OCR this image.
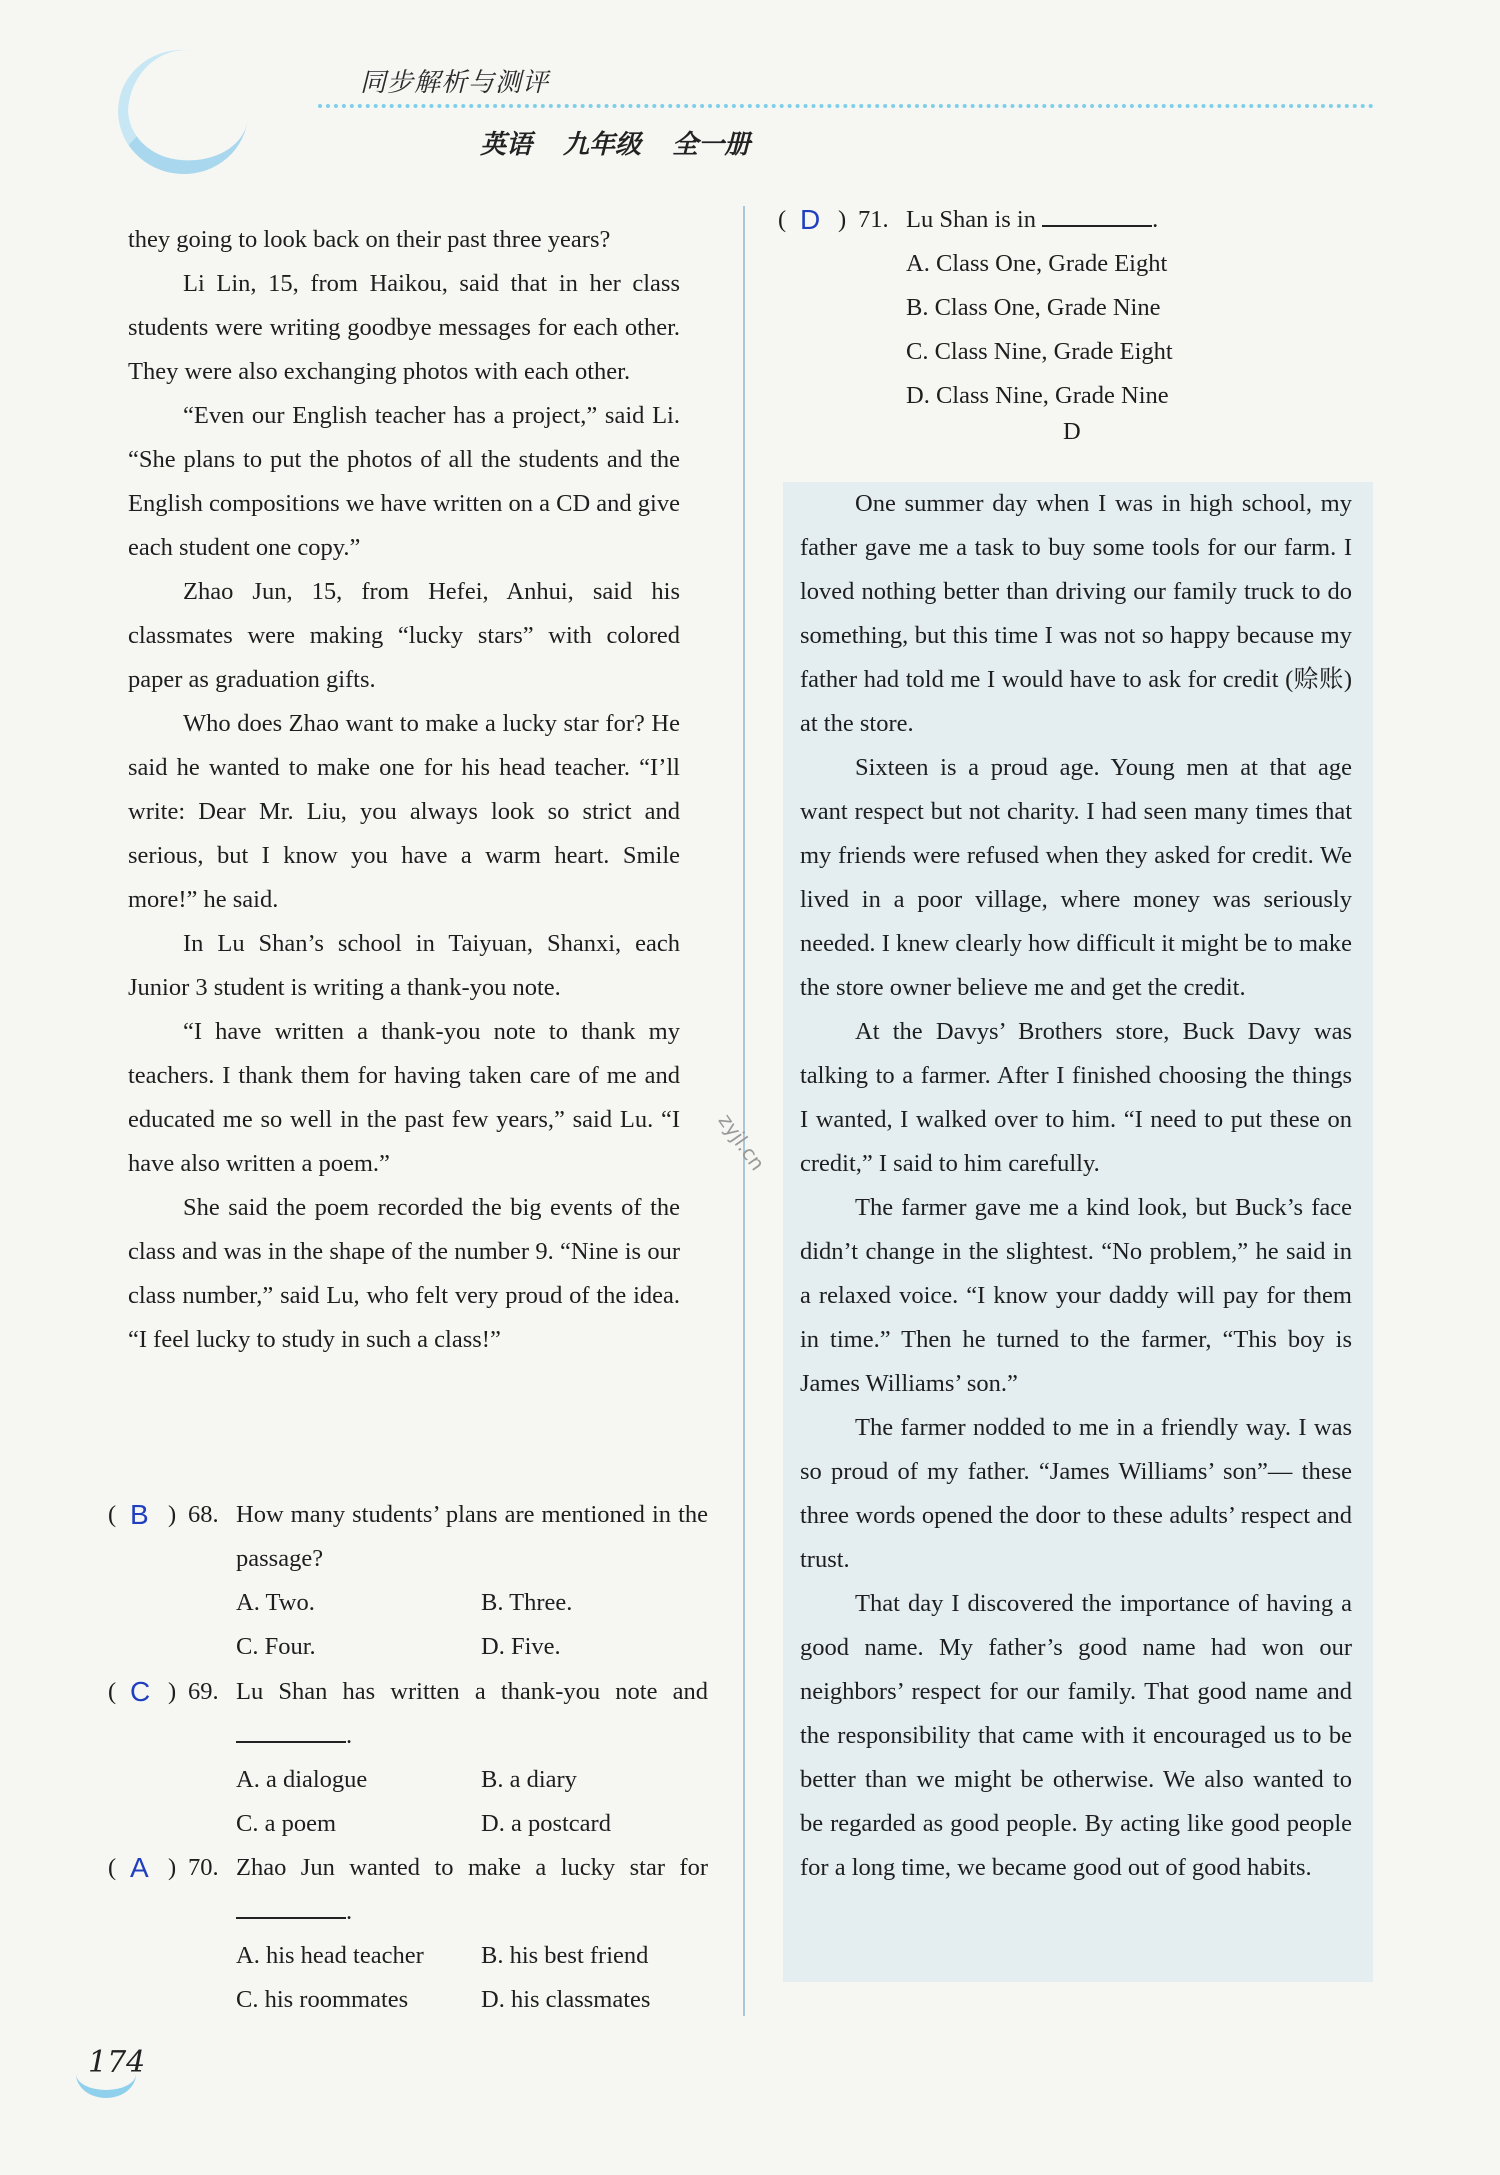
同步解析与测评
英语 九年级 全一册

they going to look back on their past three years?

Li Lin, 15, from Haikou, said that in her class students were writing goodbye messages for each other. They were also exchanging photos with each other.

“Even our English teacher has a project,” said Li. “She plans to put the photos of all the students and the English compositions we have written on a CD and give each student one copy.”

Zhao Jun, 15, from Hefei, Anhui, said his classmates were making “lucky stars” with colored paper as graduation gifts.

Who does Zhao want to make a lucky star for? He said he wanted to make one for his head teacher. “I’ll write: Dear Mr. Liu, you always look so strict and serious, but I know you have a warm heart. Smile more!” he said.

In Lu Shan’s school in Taiyuan, Shanxi, each Junior 3 student is writing a thank-you note.

“I have written a thank-you note to thank my teachers. I thank them for having taken care of me and educated me so well in the past few years,” said Lu. “I have also written a poem.”

She said the poem recorded the big events of the class and was in the shape of the number 9. “Nine is our class number,” said Lu, who felt very proud of the idea. “I feel lucky to study in such a class!”

( B ) 68. How many students’ plans are mentioned in the passage?
A. Two.	B. Three.
C. Four.	D. Five.
( C ) 69. Lu Shan has written a thank-you note and .
A. a dialogue	B. a diary
C. a poem	D. a postcard
( A ) 70. Zhao Jun wanted to make a lucky star for .
A. his head teacher	B. his best friend
C. his roommates	D. his classmates
( D ) 71. Lu Shan is in	.
A. Class One, Grade Eight
B. Class One, Grade Nine
C. Class Nine, Grade Eight
D. Class Nine, Grade Nine
D

One summer day when I was in high school, my father gave me a task to buy some tools for our farm. I loved nothing better than driving our family truck to do something, but this time I was not so happy because my father had told me I would have to ask for credit (赊账) at the store.

Sixteen is a proud age. Young men at that age want respect but not charity. I had seen many times that my friends were refused when they asked for credit. We lived in a poor village, where money was seriously needed. I knew clearly how difficult it might be to make the store owner believe me and get the credit.

At the Davys’ Brothers store, Buck Davy was talking to a farmer. After I finished choosing the things I wanted, I walked over to him. “I need to put these on credit,” I said to him carefully.

The farmer gave me a kind look, but Buck’s face didn’t change in the slightest. “No problem,” he said in a relaxed voice. “I know your daddy will pay for them in time.” Then he turned to the farmer, “This boy is James Williams’ son.”

The farmer nodded to me in a friendly way. I was so proud of my father. “James Williams’ son”— these three words opened the door to these adults’ respect and trust.

That day I discovered the importance of having a good name. My father’s good name had won our neighbors’ respect for our family. That good name and the responsibility that came with it encouraged us to be better than we might be otherwise. We also wanted to be regarded as good people. By acting like good people for a long time, we became good out of good habits.

zyjl.cn
174
